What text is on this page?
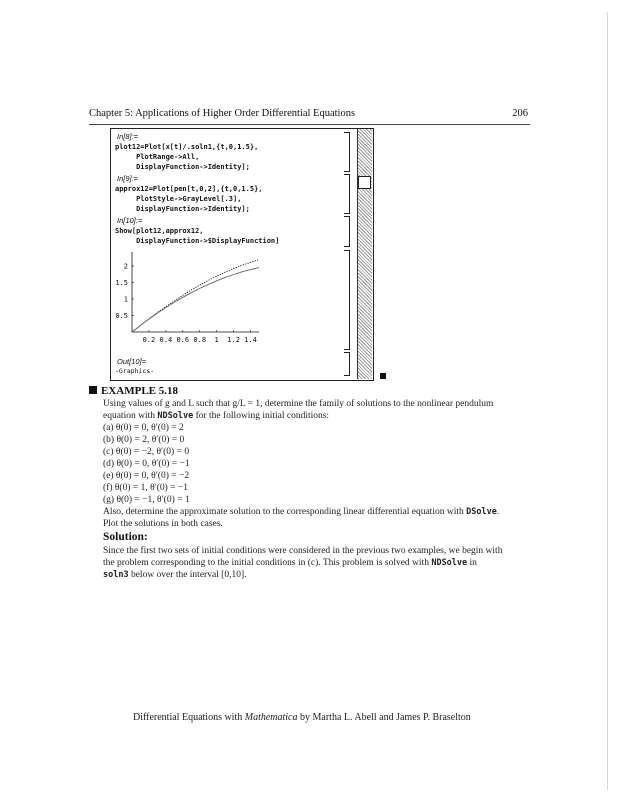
Chapter 5: Applications of Higher Order Differential Equations	206
In[8]:=
plot12=Plot[x[t]/.soln1,{t,0,1.5},
PlotRange->All,
DisplayFunction->Identity];
In[9]:=
approx12=Plot[pen[t,0,2],{t,0,1.5},
PlotStyle->GrayLevel[.3],
DisplayFunction->Identity];
In[10]:=
Show[plot12,approx12,
DisplayFunction->$DisplayFunction]
0.2 0.4 0.6 0.8 1 1.2 1.4
0.5
1
1.5
2
Out[10]=
-Graphics-
EXAMPLE 5.18
Using values of g and L such that g/L = 1, determine the family of solutions to the nonlinear pendulum
equation with NDSolve for the following initial conditions:
(a) θ(0) = 0, θ′(0) = 2
(b) θ(0) = 2, θ′(0) = 0
(c) θ(0) = −2, θ′(0) = 0
(d) θ(0) = 0, θ′(0) = −1
(e) θ(0) = 0, θ′(0) = −2
(f) θ(0) = 1, θ′(0) = −1
(g) θ(0) = −1, θ′(0) = 1
Also, determine the approximate solution to the corresponding linear differential equation with DSolve.
Plot the solutions in both cases.
Solution:
Since the first two sets of initial conditions were considered in the previous two examples, we begin with
the problem corresponding to the initial conditions in (c). This problem is solved with NDSolve in
soln3 below over the interval [0,10].
Differential Equations with Mathematica by Martha L. Abell and James P. Braselton
